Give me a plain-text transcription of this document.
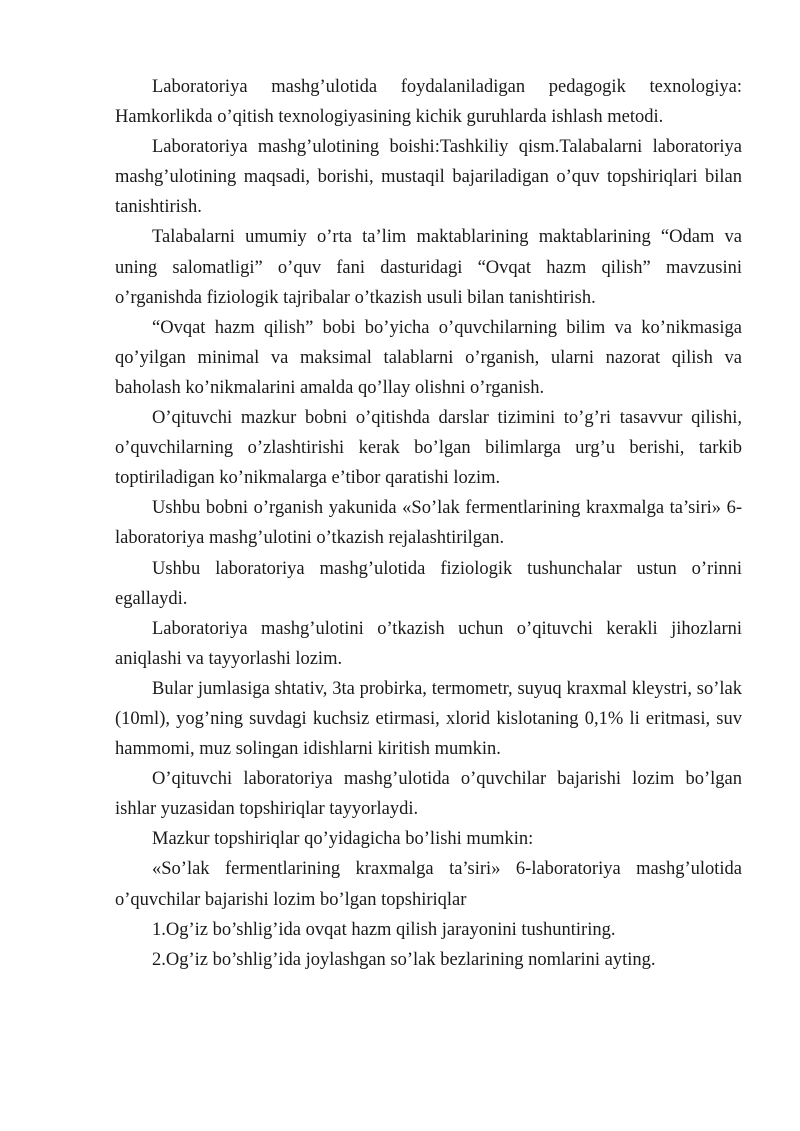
Laboratoriya mashg’ulotida foydalaniladigan pedagogik texnologiya: Hamkorlikda o’qitish texnologiyasining kichik guruhlarda ishlash metodi.

Laboratoriya mashg’ulotining boishi:Tashkiliy qism.Talabalarni laboratoriya mashg’ulotining maqsadi, borishi, mustaqil bajariladigan o’quv topshiriqlari bilan tanishtirish.

Talabalarni umumiy o’rta ta’lim maktablarining maktablarining “Odam va uning salomatligi” o’quv fani dasturidagi “Ovqat hazm qilish” mavzusini o’rganishda fiziologik tajribalar o’tkazish usuli bilan tanishtirish.

“Ovqat hazm qilish” bobi bo’yicha o’quvchilarning bilim va ko’nikmasiga qo’yilgan minimal va maksimal talablarni o’rganish, ularni nazorat qilish va baholash ko’nikmalarini amalda qo’llay olishni o’rganish.

O’qituvchi mazkur bobni o’qitishda darslar tizimini to’g’ri tasavvur qilishi, o’quvchilarning o’zlashtirishi kerak bo’lgan bilimlarga urg’u berishi, tarkib toptiriladigan ko’nikmalarga e’tibor qaratishi lozim.

Ushbu bobni o’rganish yakunida «So’lak fermentlarining kraxmalga ta’siri» 6-laboratoriya mashg’ulotini o’tkazish rejalashtirilgan.

Ushbu laboratoriya mashg’ulotida fiziologik tushunchalar ustun o’rinni egallaydi.

Laboratoriya mashg’ulotini o’tkazish uchun o’qituvchi kerakli jihozlarni aniqlashi va tayyorlashi lozim.

Bular jumlasiga shtativ, 3ta probirka, termometr, suyuq kraxmal kleystri, so’lak (10ml), yog’ning suvdagi kuchsiz etirmasi, xlorid kislotaning 0,1% li eritmasi, suv hammomi, muz solingan idishlarni kiritish mumkin.

O’qituvchi laboratoriya mashg’ulotida o’quvchilar bajarishi lozim bo’lgan ishlar yuzasidan topshiriqlar tayyorlaydi.

Mazkur topshiriqlar qo’yidagicha bo’lishi mumkin:

«So’lak fermentlarining kraxmalga ta’siri» 6-laboratoriya mashg’ulotida o’quvchilar bajarishi lozim bo’lgan topshiriqlar

1.Og’iz bo’shlig’ida ovqat hazm qilish jarayonini tushuntiring.

2.Og’iz bo’shlig’ida joylashgan so’lak bezlarining nomlarini ayting.
